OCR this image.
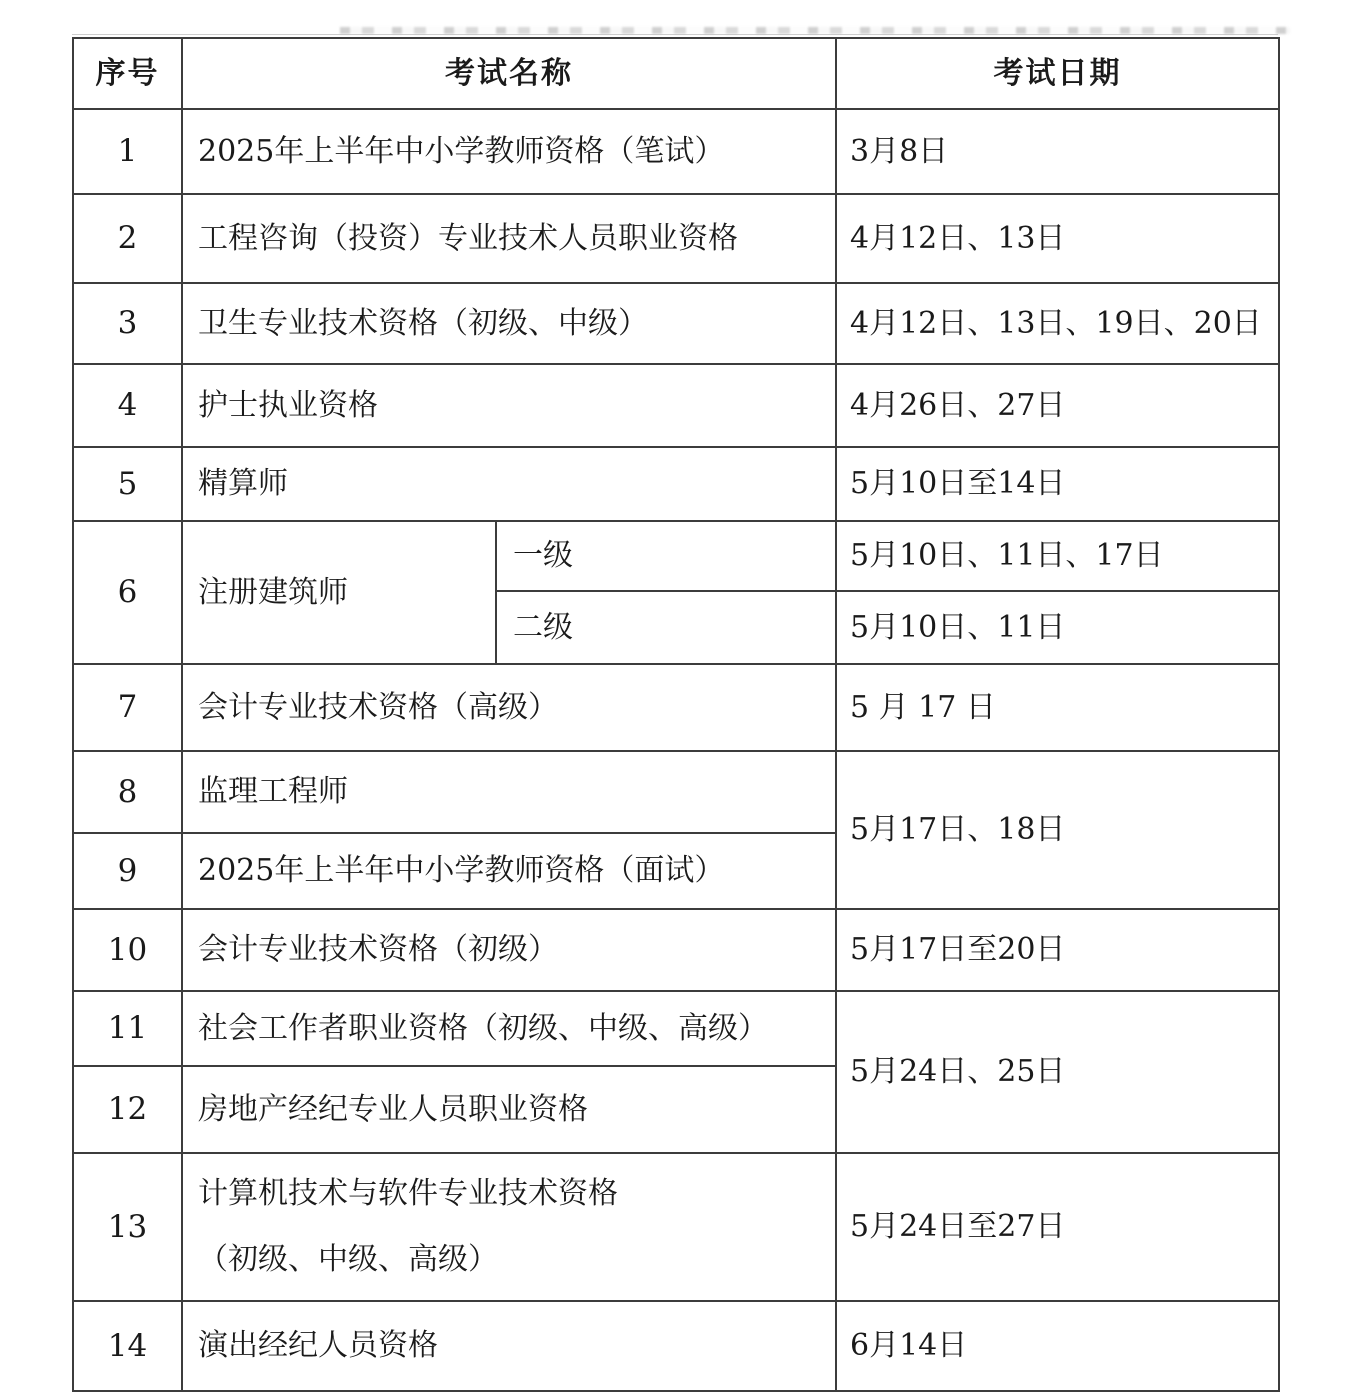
序号	考试名称		考试日期
1	2025年上半年中小学教师资格（笔试）		3月8日
2	工程咨询（投资）专业技术人员职业资格		4月12日、13日
3	卫生专业技术资格（初级、中级）		4月12日、13日、19日、20日
4	护士执业资格		4月26日、27日
5	精算师		5月10日至14日
6	注册建筑师	一级	5月10日、11日、17日
		二级	5月10日、11日
7	会计专业技术资格（高级）		5 月 17 日
8	监理工程师		5月17日、18日
9	2025年上半年中小学教师资格（面试）		
10	会计专业技术资格（初级）		5月17日至20日
11	社会工作者职业资格（初级、中级、高级）		5月24日、25日
12	房地产经纪专业人员职业资格		
13	计算机技术与软件专业技术资格
（初级、中级、高级）		5月24日至27日
14	演出经纪人员资格		6月14日
